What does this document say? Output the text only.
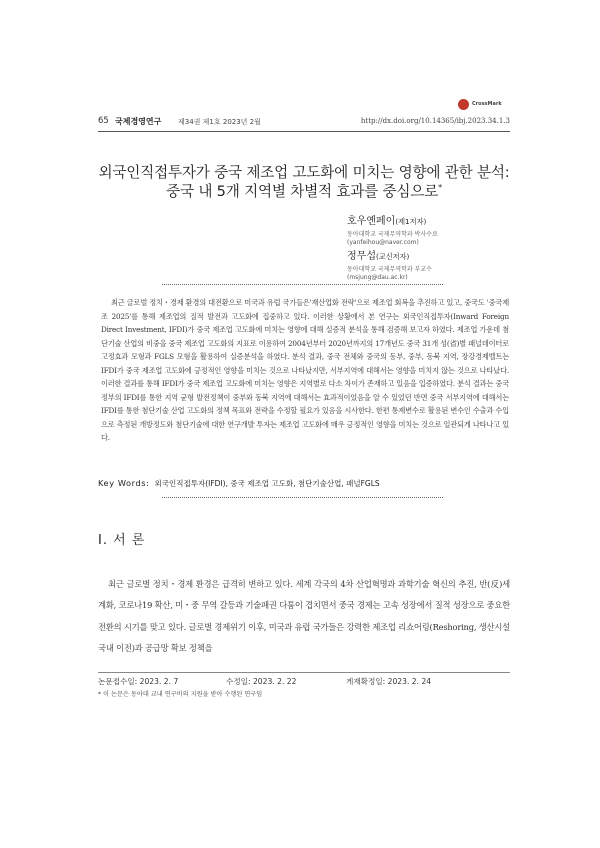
CrossMark
65 국제경영연구 제34권 제1호 2023년 2월	http://dx.doi.org/10.14365/ibj.2023.34.1.3
외국인직접투자가 중국 제조업 고도화에 미치는 영향에 관한 분석:
중국 내 5개 지역별 차별적 효과를 중심으로*
호우옌페이(제1저자)
동아대학교 국제무역학과 박사수료
(yanfeihou@naver.com)
정무섭(교신저자)
동아대학교 국제무역학과 부교수
(msjung@dau.ac.kr)

최근 글로벌 정치・경제 환경의 대전환으로 미국과 유럽 국가들은'재산업화 전략'으로 제조업 회복을 추진하고 있고, 중국도 '중국제조 2025'를 통해 제조업의 질적 발전과 고도화에 집중하고 있다. 이러한 상황에서 본 연구는 외국인직접투자(Inward Foreign Direct Investment, IFDI)가 중국 제조업 고도화에 미치는 영향에 대해 실증적 분석을 통해 검증해 보고자 하였다. 제조업 가운데 첨단기술 산업의 비중을 중국 제조업 고도화의 지표로 이용하여 2004년부터 2020년까지의 17개년도 중국 31개 성(省)별 패널데이터로 고정효과 모형과 FGLS 모형을 활용하여 실증분석을 하였다. 분석 결과, 중국 전체와 중국의 동부, 중부, 동북 지역, 장강경제벨트는 IFDI가 중국 제조업 고도화에 긍정적인 영향을 미치는 것으로 나타났지만, 서부지역에 대해서는 영향을 미치지 않는 것으로 나타났다. 이러한 결과를 통해 IFDI가 중국 제조업 고도화에 미치는 영향은 지역별로 다소 차이가 존재하고 있음을 입증하였다. 분석 결과는 중국 정부의 IFDI를 통한 지역 균형 발전정책이 중부와 동북 지역에 대해서는 효과적이었음을 알 수 있었던 반면 중국 서부지역에 대해서는 IFDI를 통한 첨단기술 산업 고도화의 정책 목표와 전략을 수정할 필요가 있음을 시사한다. 한편 통제변수로 활용된 변수인 수출과 수입으로 측정된 개방정도와 첨단기술에 대한 연구개발 투자는 제조업 고도화에 매우 긍정적인 영향을 미치는 것으로 일관되게 나타나고 있다.

Key Words: 외국인직접투자(IFDI), 중국 제조업 고도화, 첨단기술산업, 패널FGLS
Ⅰ. 서 론

최근 글로벌 정치・경제 환경은 급격히 변하고 있다. 세계 각국의 4차 산업혁명과 과학기술 혁신의 추진, 반(反)세계화, 코로나19 확산, 미・중 무역 갈등과 기술패권 다툼이 겹치면서 중국 경제는 고속 성장에서 질적 성장으로 중요한 전환의 시기를 맞고 있다. 글로벌 경제위기 이후, 미국과 유럽 국가들은 강력한 제조업 리쇼어링(Reshoring, 생산시설 국내 이전)과 공급망 확보 정책을

논문접수일: 2023. 2. 7	수정일: 2023. 2. 22	게재확정일: 2023. 2. 24
* 이 논문은 동아대 교내 연구비의 지원을 받아 수행된 연구임
